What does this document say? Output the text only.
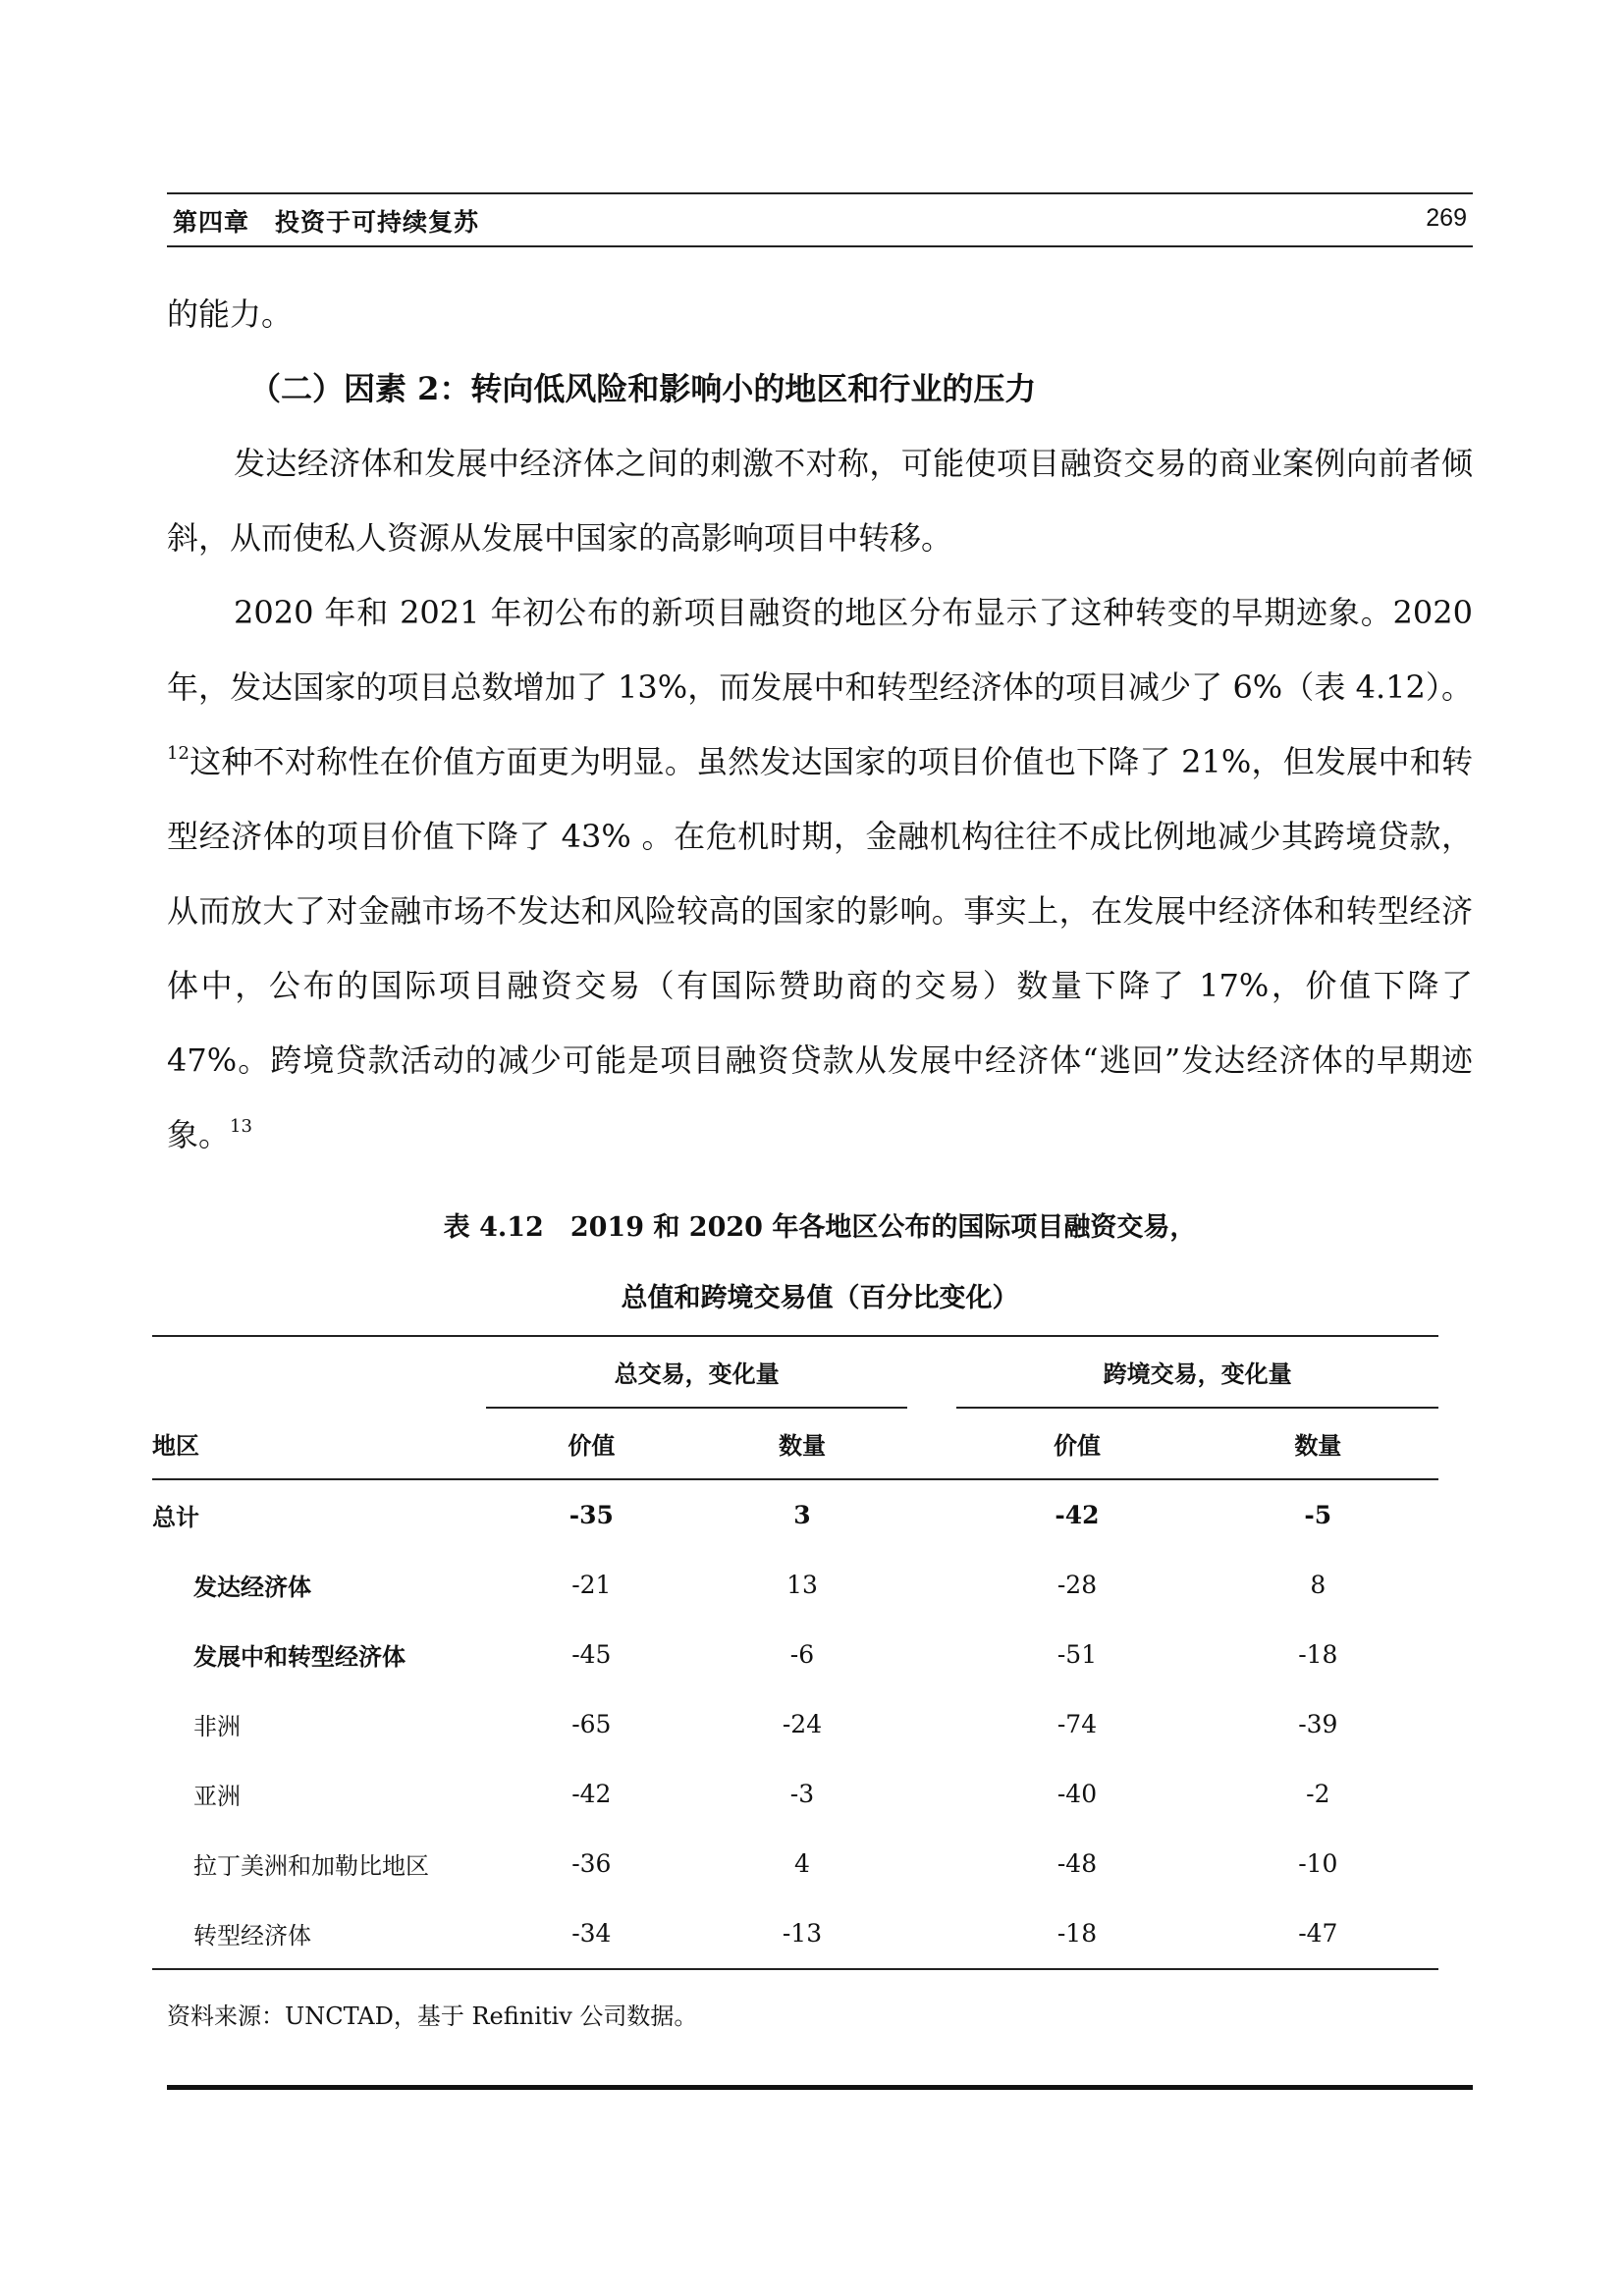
第四章　投资于可持续复苏	269

的能力。

（二）因素 2：转向低风险和影响小的地区和行业的压力

发达经济体和发展中经济体之间的刺激不对称，可能使项目融资交易的商业案例向前者倾斜，从而使私人资源从发展中国家的高影响项目中转移。

2020 年和 2021 年初公布的新项目融资的地区分布显示了这种转变的早期迹象。2020 年，发达国家的项目总数增加了 13%，而发展中和转型经济体的项目减少了 6%（表 4.12）。$^{12}$这种不对称性在价值方面更为明显。虽然发达国家的项目价值也下降了 21%，但发展中和转型经济体的项目价值下降了 43% 。在危机时期，金融机构往往不成比例地减少其跨境贷款，从而放大了对金融市场不发达和风险较高的国家的影响。事实上，在发展中经济体和转型经济体中，公布的国际项目融资交易（有国际赞助商的交易）数量下降了 17%，价值下降了 47%。跨境贷款活动的减少可能是项目融资贷款从发展中经济体“逃回”发达经济体的早期迹象。$^{13}$

表 4.12　2019 和 2020 年各地区公布的国际项目融资交易，
总值和跨境交易值（百分比变化）
	总交易，变化量			跨境交易，变化量	
地区	价值	数量		价值	数量
总计	-35	3		-42	-5
发达经济体	-21	13		-28	8
发展中和转型经济体	-45	-6		-51	-18
非洲	-65	-24		-74	-39
亚洲	-42	-3		-40	-2
拉丁美洲和加勒比地区	-36	4		-48	-10
转型经济体	-34	-13		-18	-47
资料来源：UNCTAD，基于 Refinitiv 公司数据。
